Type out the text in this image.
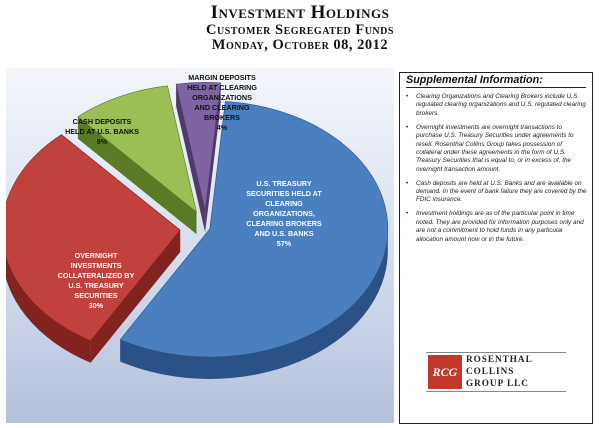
Investment Holdings
Customer Segregated Funds
Monday, October 08, 2012
U.S. TREASURY SECURITIES HELD AT CLEARING ORGANIZATIONS, CLEARING BROKERS AND U.S. BANKS 57%
OVERNIGHT INVESTMENTS COLLATERALIZED BY U.S. TREASURY SECURITIES 30%
CASH DEPOSITS HELD AT U.S. BANKS 9%
MARGIN DEPOSITS HELD AT CLEARING ORGANIZATIONS AND CLEARING BROKERS 4%
Supplemental Information:
• Clearing Organizations and Clearing Brokers include U.S. regulated clearing organizations and U.S. regulated clearing brokers.
• Overnight investments are overnight transactions to purchase U.S. Treasury Securities under agreements to resell. Rosenthal Collins Group takes possession of collateral under these agreements in the form of U.S. Treasury Securities that is equal to, or in excess of, the overnight transaction amount.
• Cash deposits are held at U.S. Banks and are available on demand. In the event of bank failure they are covered by the FDIC insurance.
• Investment holdings are as of the particular point in time noted. They are provided for information purposes only and are not a commitment to hold funds in any particular allocation amount now or in the future.
RCG
ROSENTHAL
COLLINS
GROUP LLC
